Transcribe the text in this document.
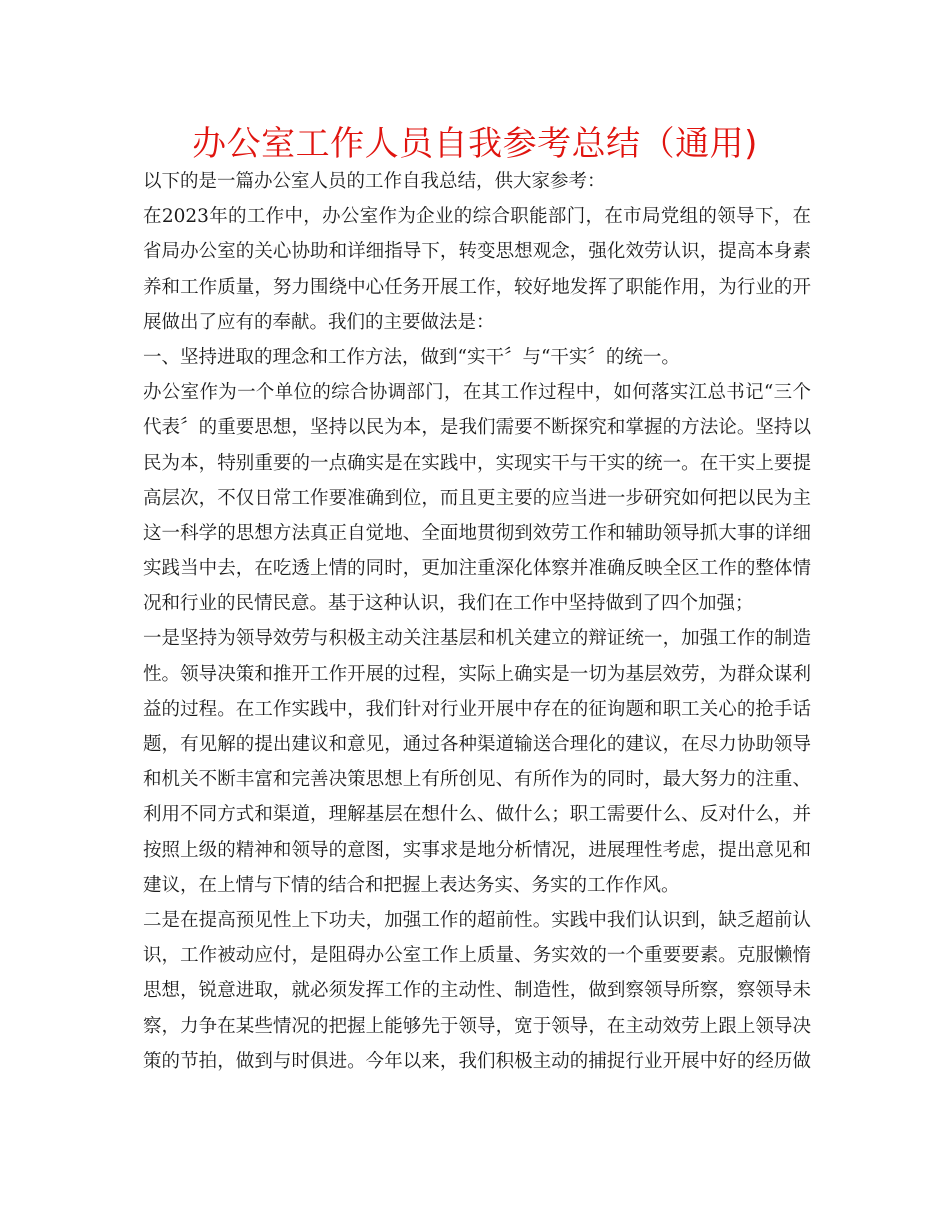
办公室工作人员自我参考总结（通用)
以下的是一篇办公室人员的工作自我总结，供大家参考：
在2023年的工作中，办公室作为企业的综合职能部门，在市局党组的领导下，在
省局办公室的关心协助和详细指导下，转变思想观念，强化效劳认识，提高本身素
养和工作质量，努力围绕中心任务开展工作，较好地发挥了职能作用，为行业的开
展做出了应有的奉献。我们的主要做法是：
一、坚持进取的理念和工作方法，做到“实干〞与“干实〞的统一。
办公室作为一个单位的综合协调部门，在其工作过程中，如何落实江总书记“三个
代表〞的重要思想，坚持以民为本，是我们需要不断探究和掌握的方法论。坚持以
民为本，特别重要的一点确实是在实践中，实现实干与干实的统一。在干实上要提
高层次，不仅日常工作要准确到位，而且更主要的应当进一步研究如何把以民为主
这一科学的思想方法真正自觉地、全面地贯彻到效劳工作和辅助领导抓大事的详细
实践当中去，在吃透上情的同时，更加注重深化体察并准确反映全区工作的整体情
况和行业的民情民意。基于这种认识，我们在工作中坚持做到了四个加强；
一是坚持为领导效劳与积极主动关注基层和机关建立的辩证统一，加强工作的制造
性。领导决策和推开工作开展的过程，实际上确实是一切为基层效劳，为群众谋利
益的过程。在工作实践中，我们针对行业开展中存在的征询题和职工关心的抢手话
题，有见解的提出建议和意见，通过各种渠道输送合理化的建议，在尽力协助领导
和机关不断丰富和完善决策思想上有所创见、有所作为的同时，最大努力的注重、
利用不同方式和渠道，理解基层在想什么、做什么；职工需要什么、反对什么，并
按照上级的精神和领导的意图，实事求是地分析情况，进展理性考虑，提出意见和
建议，在上情与下情的结合和把握上表达务实、务实的工作作风。
二是在提高预见性上下功夫，加强工作的超前性。实践中我们认识到，缺乏超前认
识，工作被动应付，是阻碍办公室工作上质量、务实效的一个重要要素。克服懒惰
思想，锐意进取，就必须发挥工作的主动性、制造性，做到察领导所察，察领导未
察，力争在某些情况的把握上能够先于领导，宽于领导，在主动效劳上跟上领导决
策的节拍，做到与时俱进。今年以来，我们积极主动的捕捉行业开展中好的经历做
